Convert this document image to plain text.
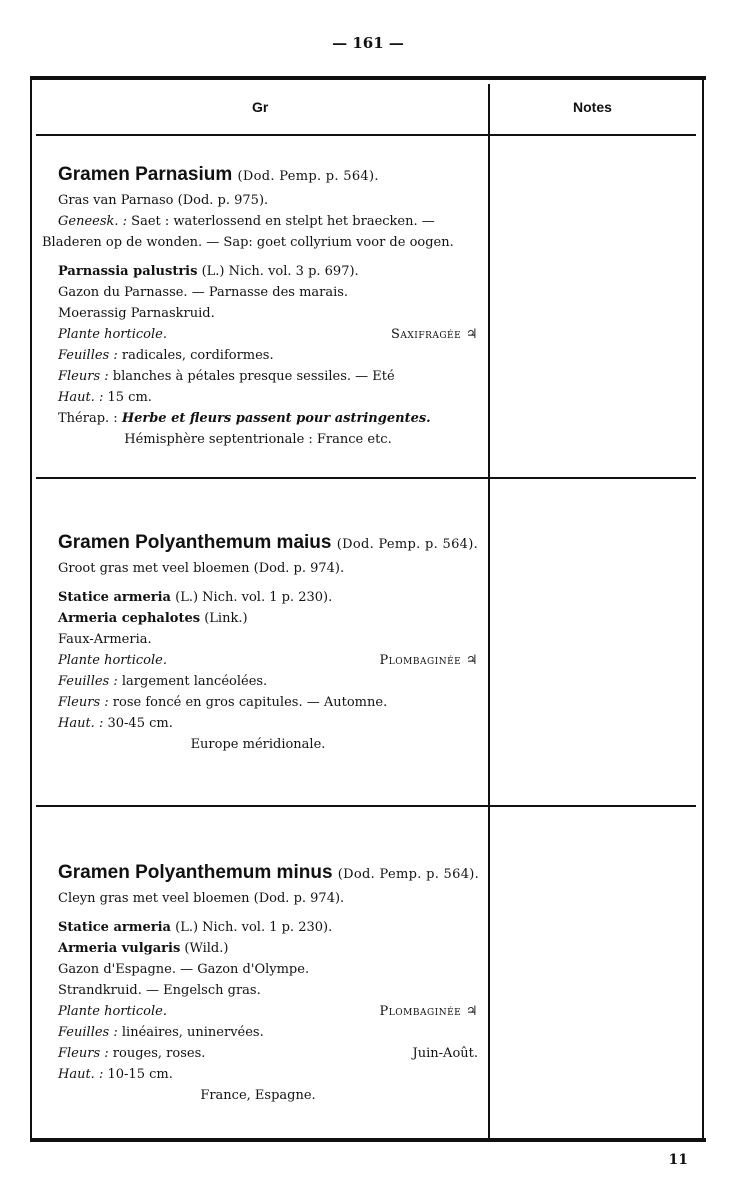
— 161 —
Gr	Notes
Gramen Parnasium (Dod. Pemp. p. 564).
Gras van Parnaso (Dod. p. 975).
Geneesk. : Saet : waterlossend en stelpt het braecken. —
Bladeren op de wonden. — Sap: goet collyrium voor de oogen.
Parnassia palustris (L.) Nich. vol. 3 p. 697).
Gazon du Parnasse. — Parnasse des marais.
Moerassig Parnaskruid.
Plante horticole.	Saxifragée ♃
Feuilles : radicales, cordiformes.
Fleurs : blanches à pétales presque sessiles. — Eté
Haut. : 15 cm.
Thérap. : Herbe et fleurs passent pour astringentes.
Hémisphère septentrionale : France etc.
Gramen Polyanthemum maius (Dod. Pemp. p. 564).
Groot gras met veel bloemen (Dod. p. 974).
Statice armeria (L.) Nich. vol. 1 p. 230).
Armeria cephalotes (Link.)
Faux-Armeria.
Plante horticole.	Plombaginée ♃
Feuilles : largement lancéolées.
Fleurs : rose foncé en gros capitules. — Automne.
Haut. : 30-45 cm.
Europe méridionale.
Gramen Polyanthemum minus (Dod. Pemp. p. 564).
Cleyn gras met veel bloemen (Dod. p. 974).
Statice armeria (L.) Nich. vol. 1 p. 230).
Armeria vulgaris (Wild.)
Gazon d'Espagne. — Gazon d'Olympe.
Strandkruid. — Engelsch gras.
Plante horticole.	Plombaginée ♃
Feuilles : linéaires, uninervées.
Fleurs : rouges, roses.	Juin-Août.
Haut. : 10-15 cm.
France, Espagne.
11
